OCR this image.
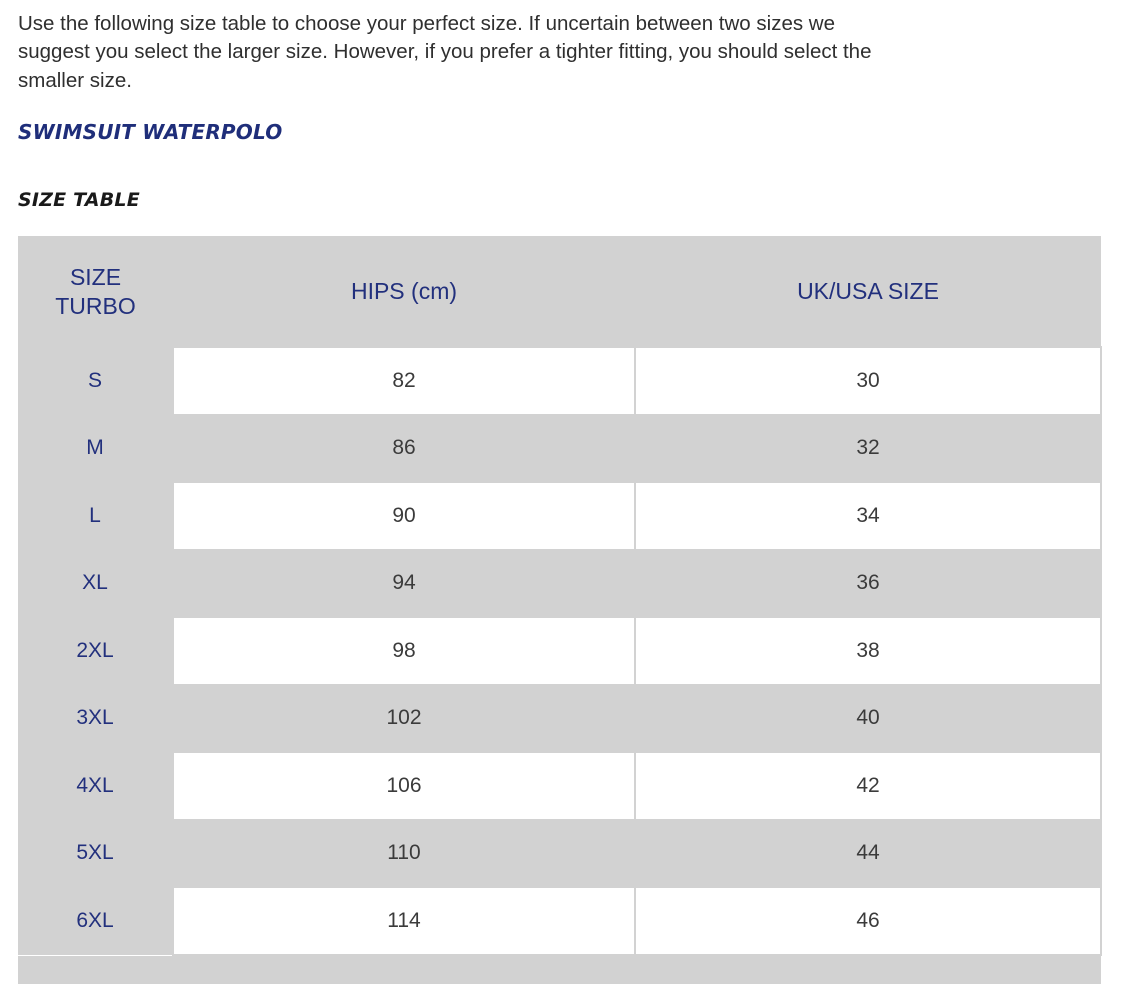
Use the following size table to choose your perfect size. If uncertain between two sizes we suggest you select the larger size. However, if you prefer a tighter fitting, you should select the smaller size.

SWIMSUIT WATERPOLO
SIZE TABLE
SIZE
TURBO	HIPS (cm)	UK/USA SIZE

S	82	30
M	86	32
L	90	34
XL	94	36
2XL	98	38
3XL	102	40
4XL	106	42
5XL	110	44
6XL	114	46
